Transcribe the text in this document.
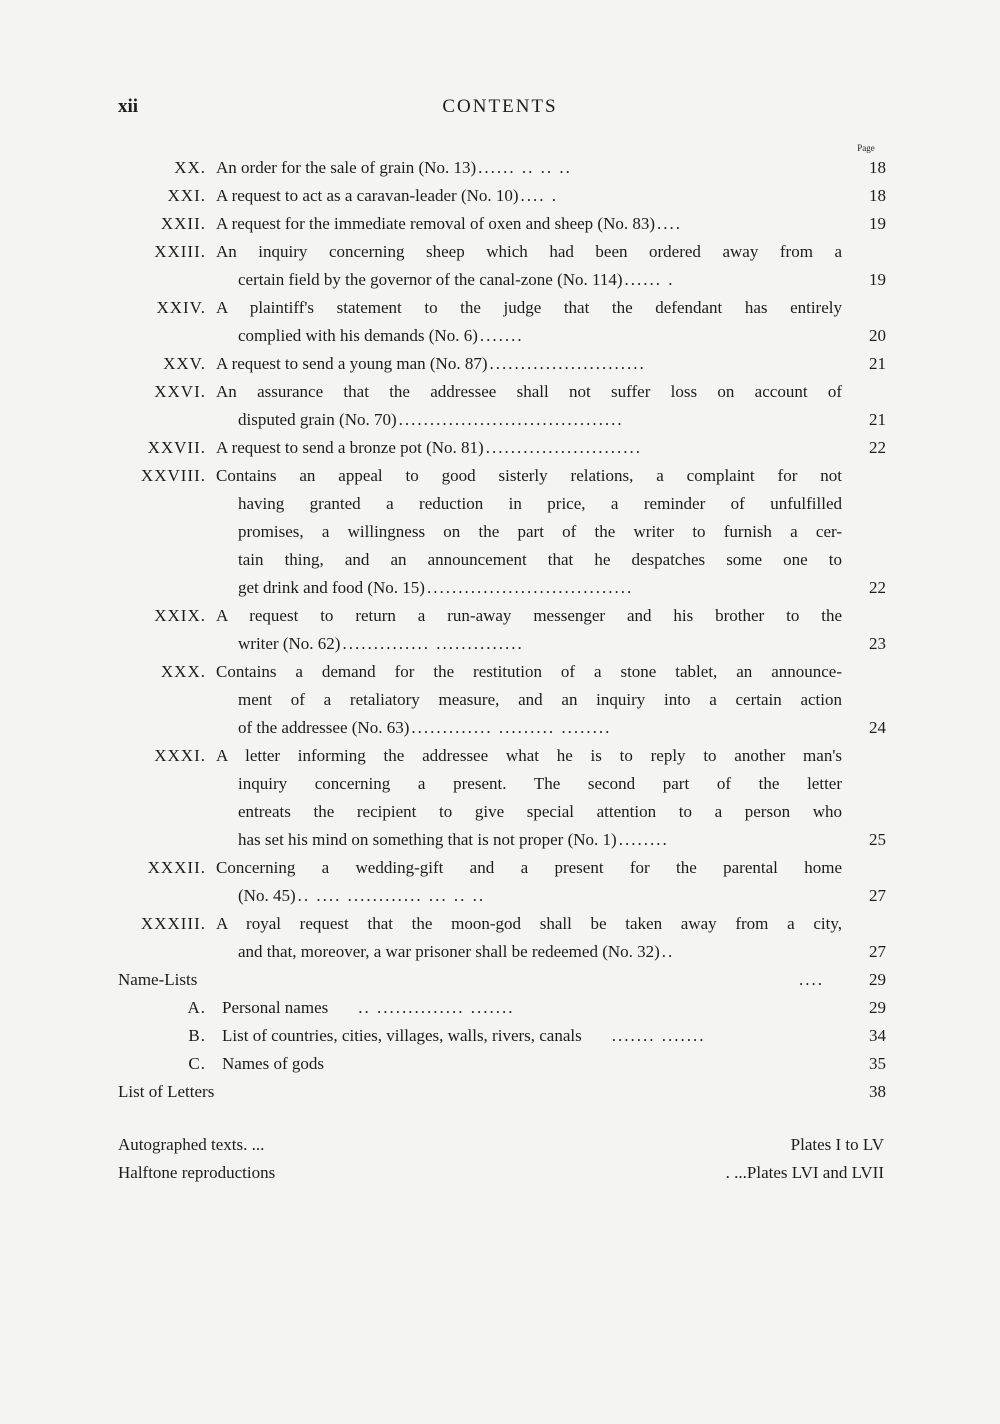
xii	CONTENTS
Page
XX. An order for the sale of grain (No. 13) ...... .. .. ..	18
XXI. A request to act as a caravan-leader (No. 10) .... .	18
XXII. A request for the immediate removal of oxen and sheep (No. 83) ....	19
XXIII. An inquiry concerning sheep which had been ordered away from a
certain field by the governor of the canal-zone (No. 114) ...... .	19
XXIV. A plaintiff's statement to the judge that the defendant has entirely
complied with his demands (No. 6) .......	20
XXV. A request to send a young man (No. 87) .........................	21
XXVI. An assurance that the addressee shall not suffer loss on account of
disputed grain (No. 70) ....................................	21
XXVII. A request to send a bronze pot (No. 81) .........................	22
XXVIII. Contains an appeal to good sisterly relations, a complaint for not
having granted a reduction in price, a reminder of unfulfilled
promises, a willingness on the part of the writer to furnish a cer-
tain thing, and an announcement that he despatches some one to
get drink and food (No. 15) .................................	22
XXIX. A request to return a run-away messenger and his brother to the
writer (No. 62) .............. ..............	23
XXX. Contains a demand for the restitution of a stone tablet, an announce-
ment of a retaliatory measure, and an inquiry into a certain action
of the addressee (No. 63) ............. ......... ........	24
XXXI. A letter informing the addressee what he is to reply to another man's
inquiry concerning a present. The second part of the letter
entreats the recipient to give special attention to a person who
has set his mind on something that is not proper (No. 1) ........	25
XXXII. Concerning a wedding-gift and a present for the parental home
(No. 45) .. .... ............ ... .. ..	27
XXXIII. A royal request that the moon-god shall be taken away from a city,
and that, moreover, a war prisoner shall be redeemed (No. 32) ..	27
Name-Lists	....	29
A. Personal names .. .............. .......	29
B. List of countries, cities, villages, walls, rivers, canals ....... .......	34
C. Names of gods	35
List of Letters	38
Autographed texts. ...	Plates I to LV
Halftone reproductions	. ...Plates LVI and LVII
